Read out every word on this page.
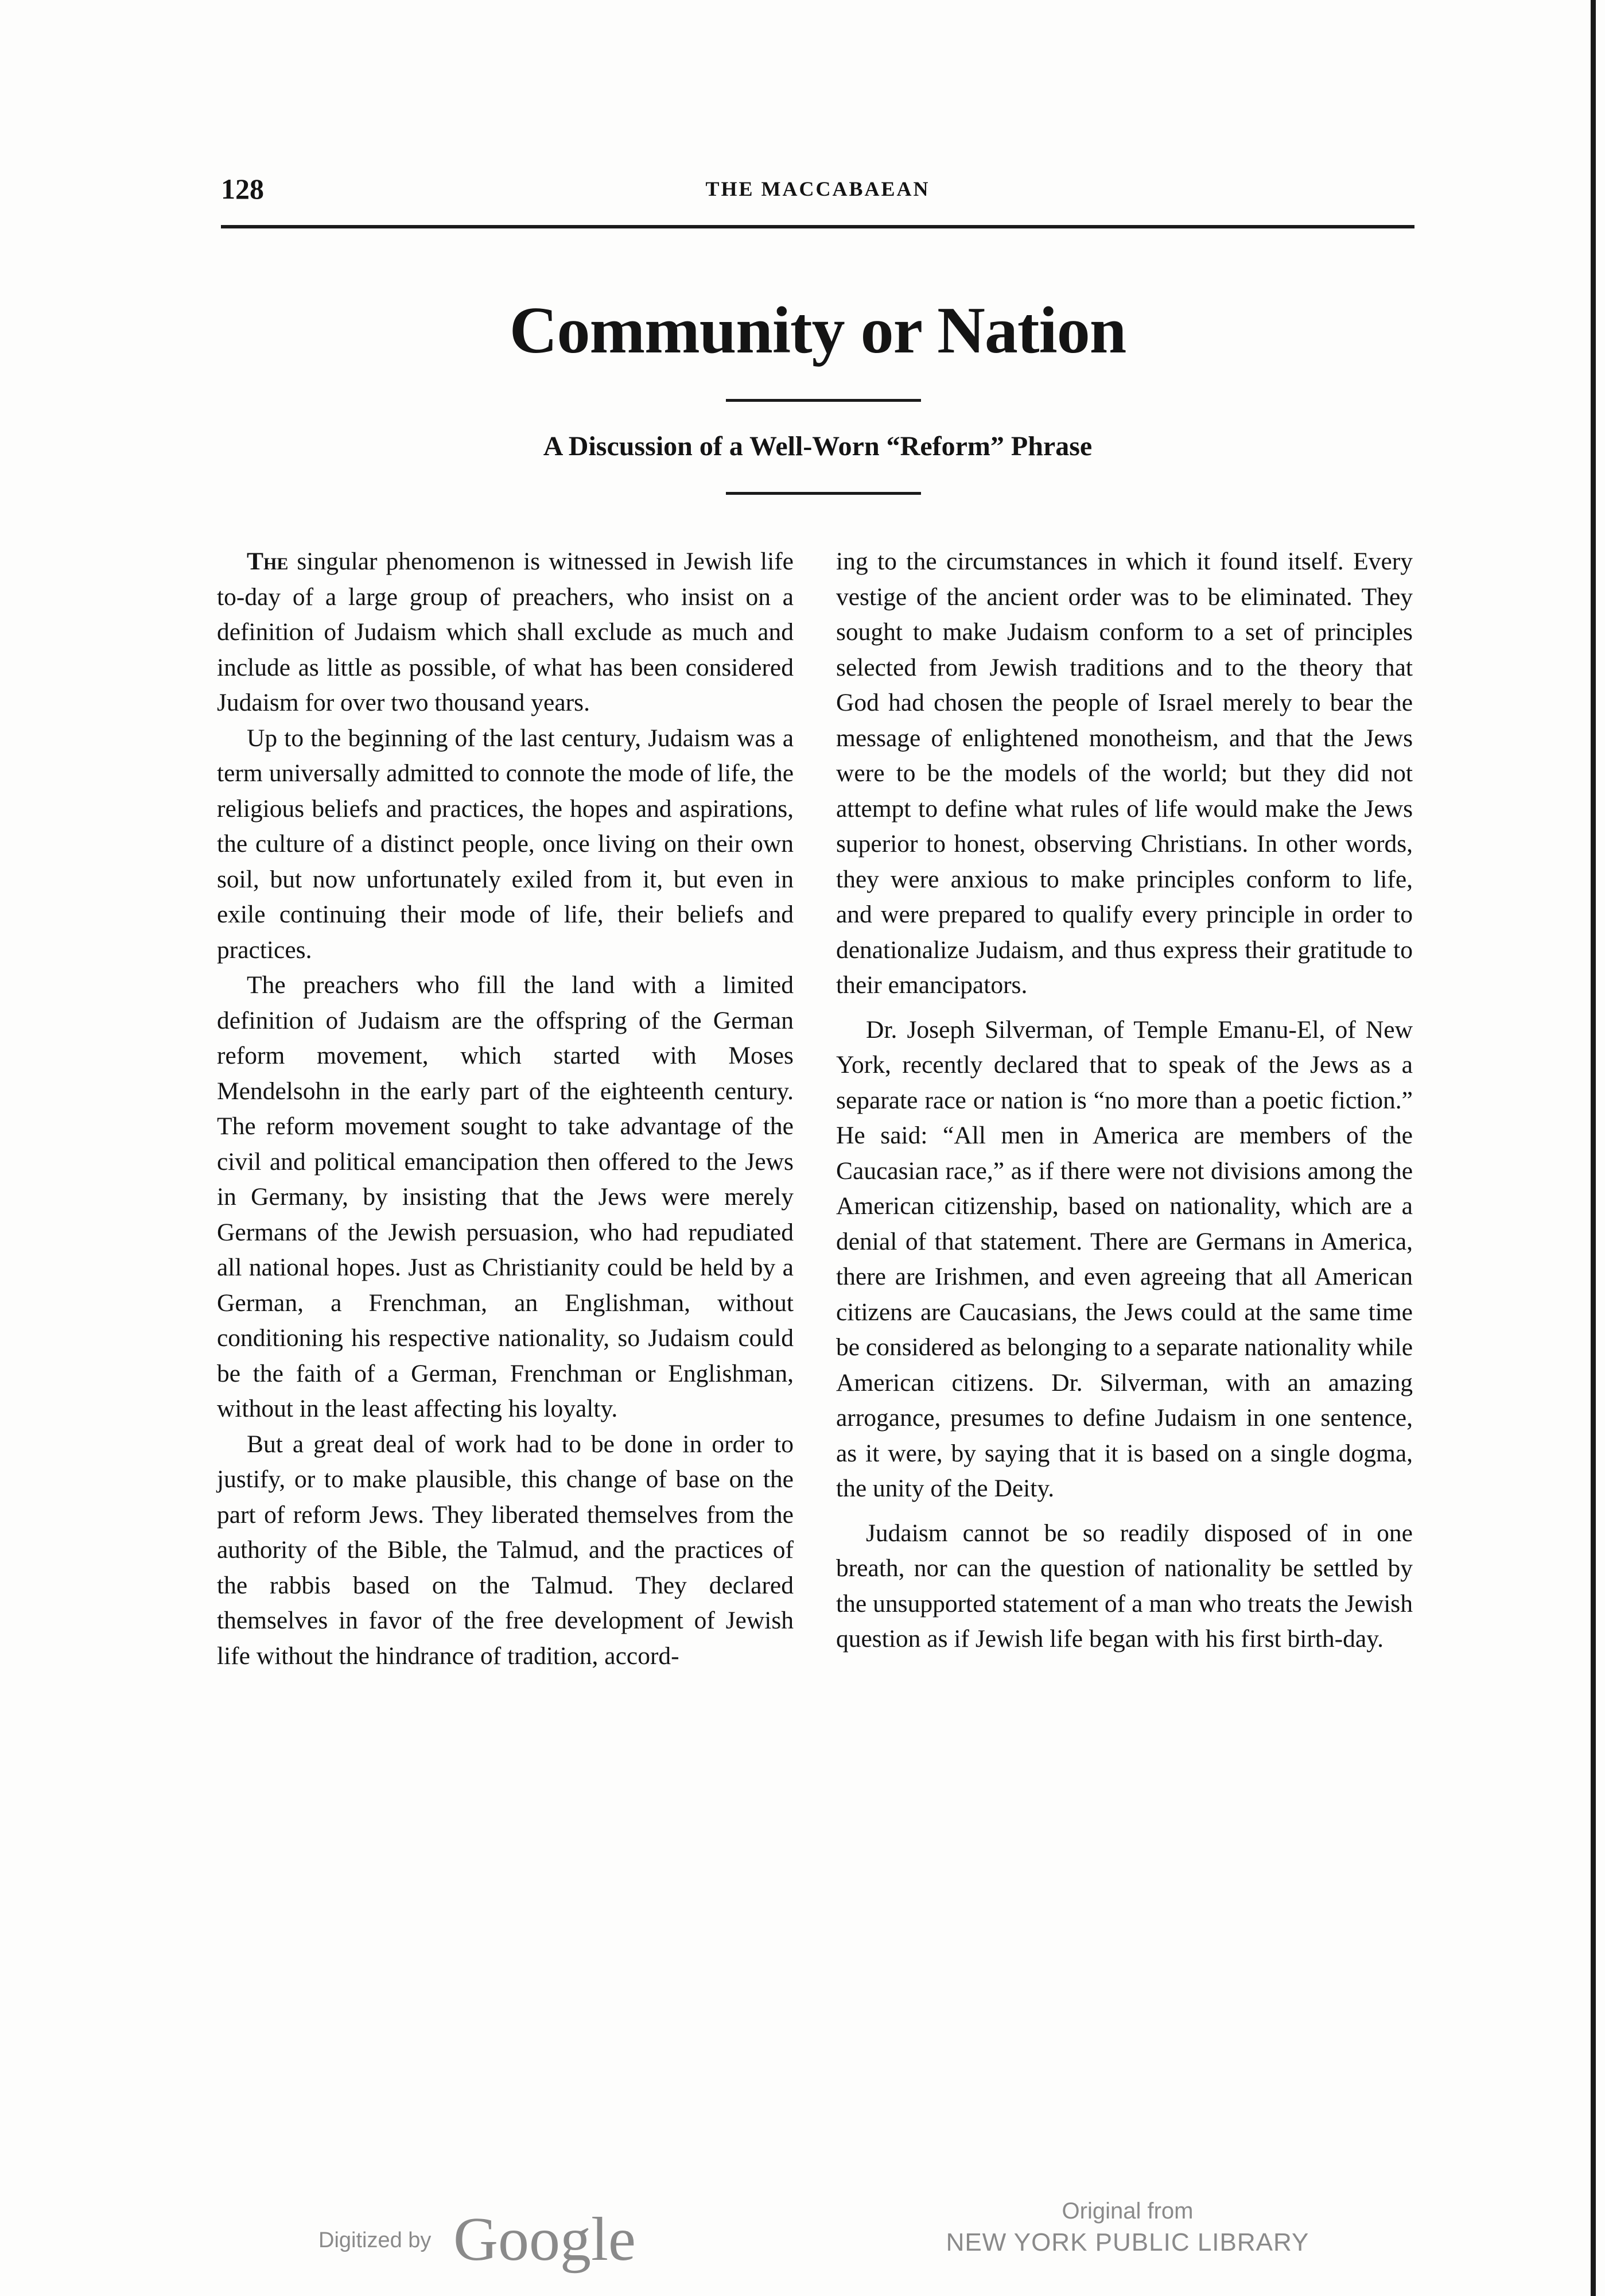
128	THE MACCABAEAN
Community or Nation
A Discussion of a Well-Worn “Reform” Phrase

The singular phenomenon is witnessed in Jewish life to-day of a large group of preachers, who insist on a definition of Judaism which shall exclude as much and include as little as possible, of what has been considered Judaism for over two thousand years.

Up to the beginning of the last century, Judaism was a term universally admitted to connote the mode of life, the religious beliefs and practices, the hopes and aspirations, the culture of a distinct people, once living on their own soil, but now unfortunately exiled from it, but even in exile continuing their mode of life, their beliefs and practices.

The preachers who fill the land with a limited definition of Judaism are the offspring of the German reform movement, which started with Moses Mendelsohn in the early part of the eighteenth century. The reform movement sought to take advantage of the civil and political emancipation then offered to the Jews in Germany, by insisting that the Jews were merely Germans of the Jewish persuasion, who had repudiated all national hopes. Just as Christianity could be held by a German, a Frenchman, an Englishman, without conditioning his respective nationality, so Judaism could be the faith of a German, Frenchman or Englishman, without in the least affecting his loyalty.

But a great deal of work had to be done in order to justify, or to make plausible, this change of base on the part of reform Jews. They liberated themselves from the authority of the Bible, the Talmud, and the practices of the rabbis based on the Talmud. They declared themselves in favor of the free development of Jewish life without the hindrance of tradition, accord-

ing to the circumstances in which it found itself. Every vestige of the ancient order was to be eliminated. They sought to make Judaism conform to a set of principles selected from Jewish traditions and to the theory that God had chosen the people of Israel merely to bear the message of enlightened monotheism, and that the Jews were to be the models of the world; but they did not attempt to define what rules of life would make the Jews superior to honest, observing Christians. In other words, they were anxious to make principles conform to life, and were prepared to qualify every principle in order to denationalize Judaism, and thus express their gratitude to their emancipators.

Dr. Joseph Silverman, of Temple Emanu-El, of New York, recently declared that to speak of the Jews as a separate race or nation is “no more than a poetic fiction.” He said: “All men in America are members of the Caucasian race,” as if there were not divisions among the American citizenship, based on nationality, which are a denial of that statement. There are Germans in America, there are Irishmen, and even agreeing that all American citizens are Caucasians, the Jews could at the same time be considered as belonging to a separate nationality while American citizens. Dr. Silverman, with an amazing arrogance, presumes to define Judaism in one sentence, as it were, by saying that it is based on a single dogma, the unity of the Deity.

Judaism cannot be so readily disposed of in one breath, nor can the question of nationality be settled by the unsupported statement of a man who treats the Jewish question as if Jewish life began with his first birth-day.

Digitized by Google	Original from
NEW YORK PUBLIC LIBRARY
